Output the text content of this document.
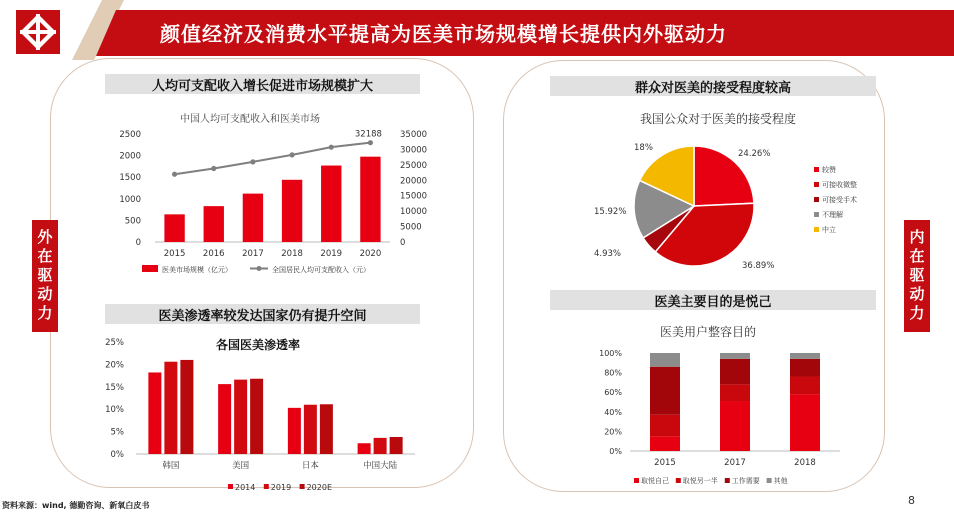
颜值经济及消费水平提高为医美市场规模增长提供内外驱动力
外在驱动力	内在驱动力
人均可支配收入增长促进市场规模扩大
医美渗透率较发达国家仍有提升空间
群众对医美的接受程度较高
医美主要目的是悦己
中国人均可支配收入和医美市场
各国医美渗透率
我国公众对于医美的接受程度
医美用户整容目的
0
500
1000
1500
2000
2500
0
5000
10000
15000
20000
25000
30000
35000
2015 2016 2017 2018 2019 2020
32188
医美市场规模（亿元）	全国居民人均可支配收入（元）
0%
5%
10%
15%
20%
25%
韩国	美国	日本	中国大陆
2014 2019 2020E
24.26%
36.89%
4.93%
15.92%
18%
较赞
可接收微整
可接受手术
不理解
中立
0%
20%
40%
60%
80%
100%
2015	2017	2018
取悦自己 取悦另一半 工作需要 其他
资料来源：wind, 德勤咨询、新氧白皮书	8
